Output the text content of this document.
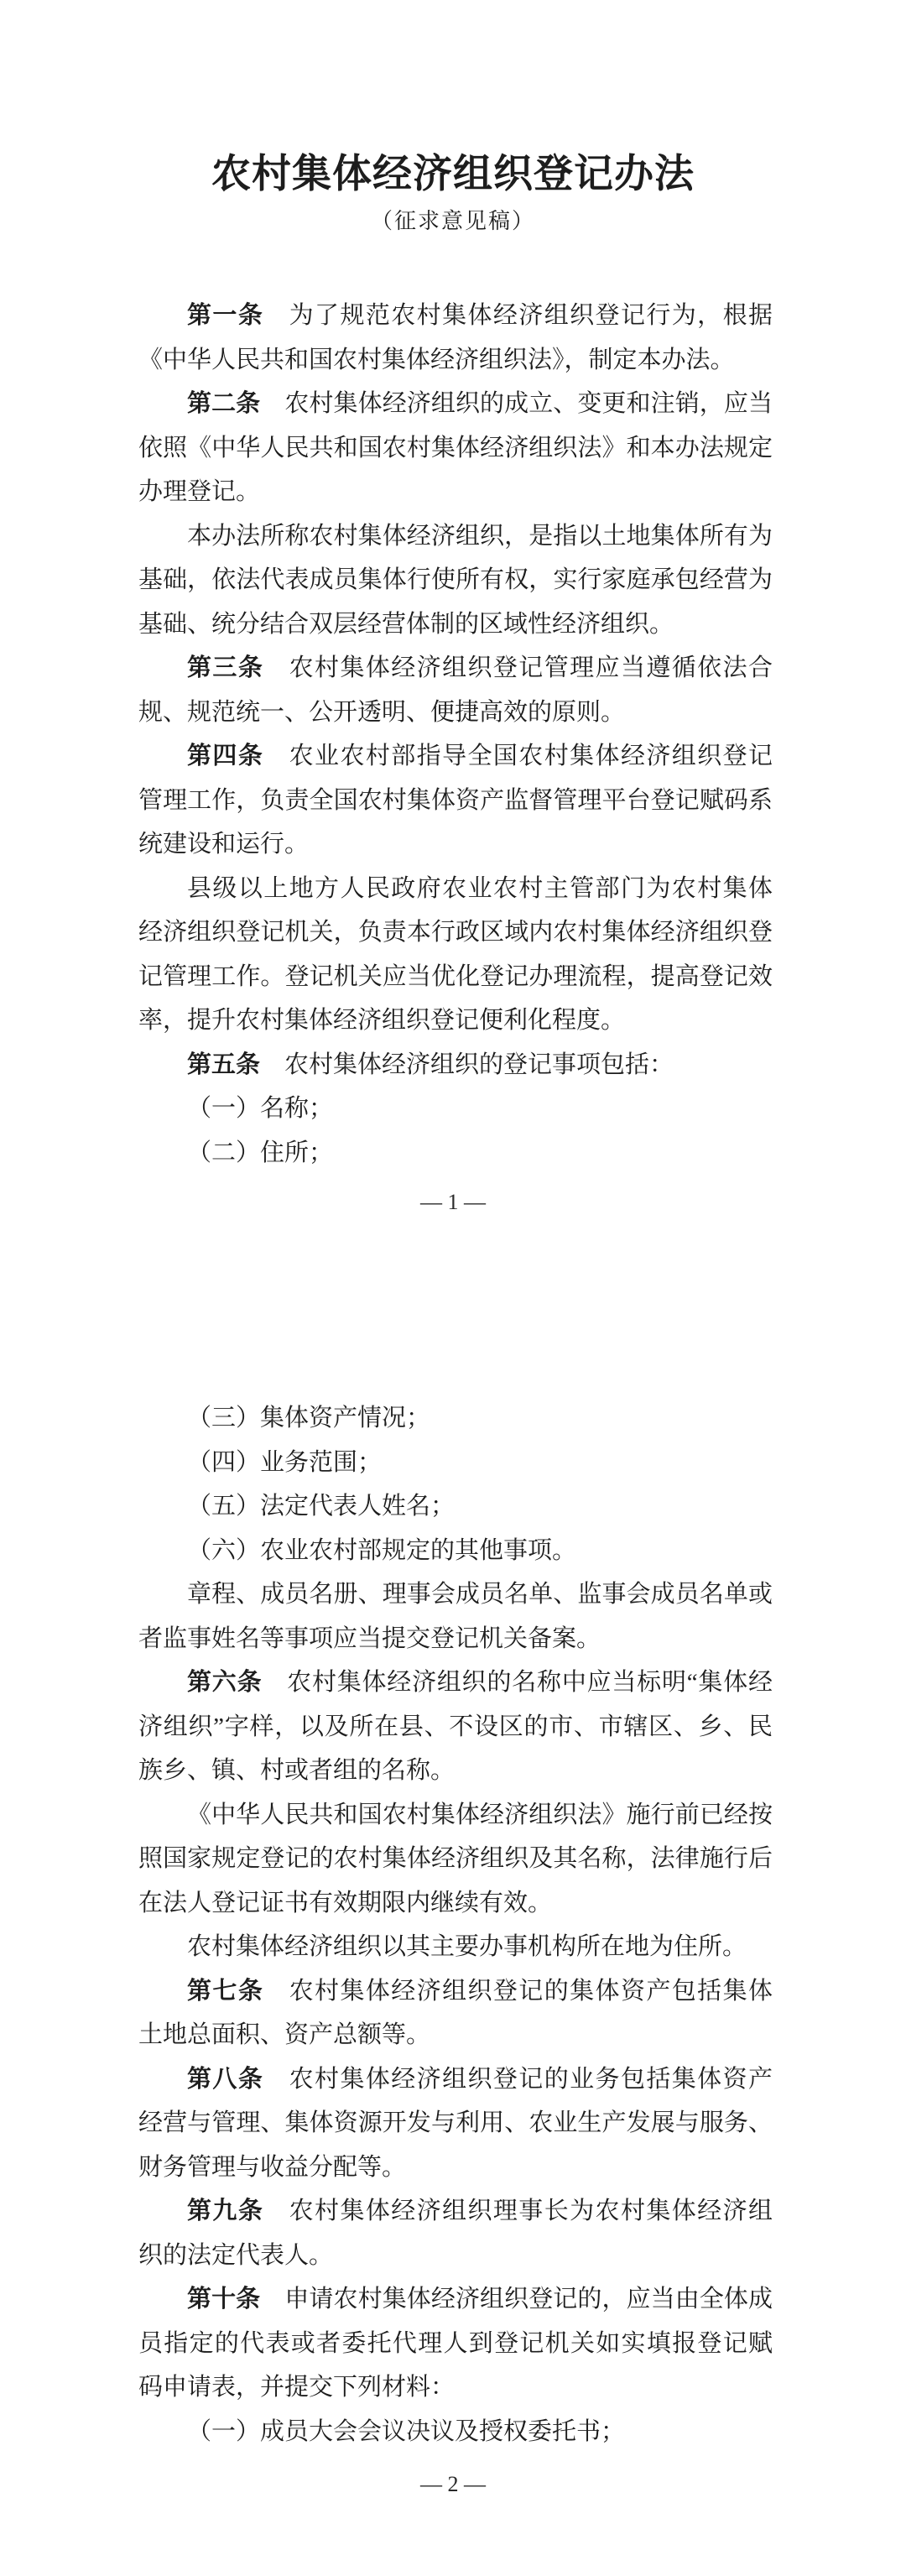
农村集体经济组织登记办法
（征求意见稿）
第一条　为了规范农村集体经济组织登记行为，根据
《中华人民共和国农村集体经济组织法》，制定本办法。
第二条　农村集体经济组织的成立、变更和注销，应当
依照《中华人民共和国农村集体经济组织法》和本办法规定
办理登记。
本办法所称农村集体经济组织，是指以土地集体所有为
基础，依法代表成员集体行使所有权，实行家庭承包经营为
基础、统分结合双层经营体制的区域性经济组织。
第三条　农村集体经济组织登记管理应当遵循依法合
规、规范统一、公开透明、便捷高效的原则。
第四条　农业农村部指导全国农村集体经济组织登记
管理工作，负责全国农村集体资产监督管理平台登记赋码系
统建设和运行。
县级以上地方人民政府农业农村主管部门为农村集体
经济组织登记机关，负责本行政区域内农村集体经济组织登
记管理工作。登记机关应当优化登记办理流程，提高登记效
率，提升农村集体经济组织登记便利化程度。
第五条　农村集体经济组织的登记事项包括：
（一）名称；
（二）住所；
— 1 —
（三）集体资产情况；
（四）业务范围；
（五）法定代表人姓名；
（六）农业农村部规定的其他事项。
章程、成员名册、理事会成员名单、监事会成员名单或
者监事姓名等事项应当提交登记机关备案。
第六条　农村集体经济组织的名称中应当标明“集体经
济组织”字样，以及所在县、不设区的市、市辖区、乡、民
族乡、镇、村或者组的名称。
《中华人民共和国农村集体经济组织法》施行前已经按
照国家规定登记的农村集体经济组织及其名称，法律施行后
在法人登记证书有效期限内继续有效。
农村集体经济组织以其主要办事机构所在地为住所。
第七条　农村集体经济组织登记的集体资产包括集体
土地总面积、资产总额等。
第八条　农村集体经济组织登记的业务包括集体资产
经营与管理、集体资源开发与利用、农业生产发展与服务、
财务管理与收益分配等。
第九条　农村集体经济组织理事长为农村集体经济组
织的法定代表人。
第十条　申请农村集体经济组织登记的，应当由全体成
员指定的代表或者委托代理人到登记机关如实填报登记赋
码申请表，并提交下列材料：
（一）成员大会会议决议及授权委托书；
— 2 —
